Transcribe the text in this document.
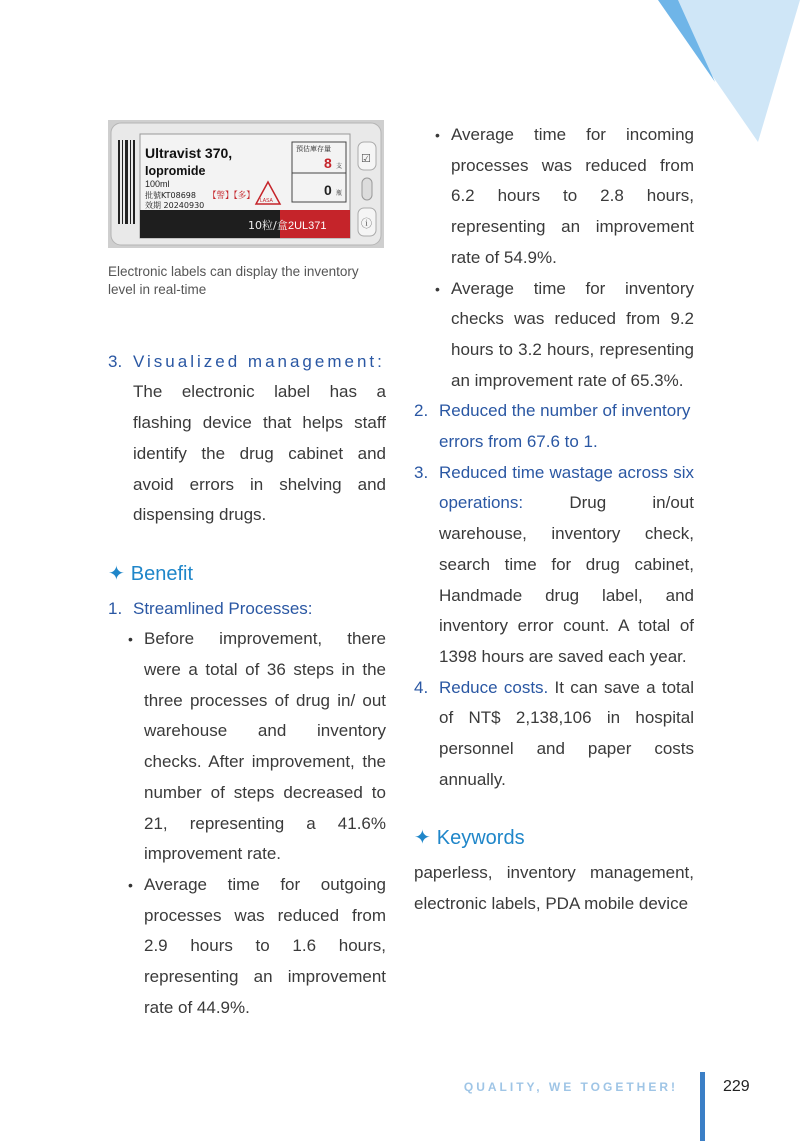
Ultravist 370,
Iopromide
100ml
批號KT08698 【警】【多】
效期 20240930	LASA
預估庫存量
8 支
0 瓶
10粒/盒 2UL371
☑
ⓘ
Electronic labels can display the inventory level in real-time
3. Visualized management:
The electronic label has a flashing device that helps staff identify the drug cabinet and avoid errors in shelving and dispensing drugs.
✦ Benefit
1. Streamlined Processes:
• Before improvement, there were a total of 36 steps in the three processes of drug in/ out warehouse and inventory checks. After improvement, the number of steps decreased to 21, representing a 41.6% improvement rate.
• Average time for outgoing processes was reduced from 2.9 hours to 1.6 hours, representing an improvement rate of 44.9%.
• Average time for incoming processes was reduced from 6.2 hours to 2.8 hours, representing an improvement rate of 54.9%.
• Average time for inventory checks was reduced from 9.2 hours to 3.2 hours, representing an improvement rate of 65.3%.
2. Reduced the number of inventory errors from 67.6 to 1.
3. Reduced time wastage across six operations: Drug in/out warehouse, inventory check, search time for drug cabinet, Handmade drug label, and inventory error count. A total of 1398 hours are saved each year.
4. Reduce costs. It can save a total of NT$ 2,138,106 in hospital personnel and paper costs annually.
✦ Keywords
paperless, inventory management, electronic labels, PDA mobile device
QUALITY, WE TOGETHER!	229
